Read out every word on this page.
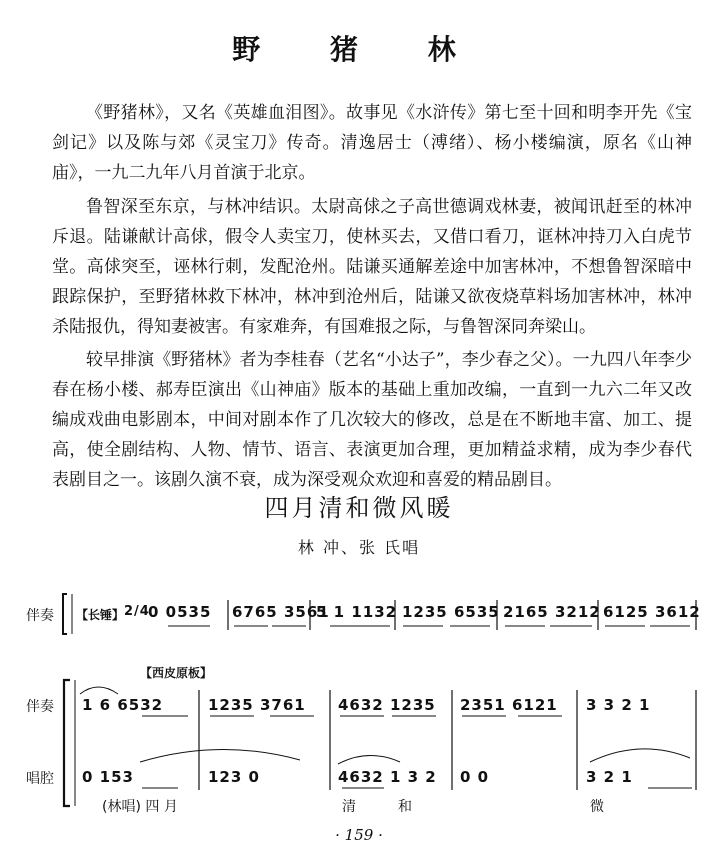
野 猪 林
《野猪林》，又名《英雄血泪图》。故事见《水浒传》第七至十回和明李开先《宝剑记》以及陈与郊《灵宝刀》传奇。清逸居士（溥绪）、杨小楼编演，原名《山神庙》，一九二九年八月首演于北京。
鲁智深至东京，与林冲结识。太尉高俅之子高世德调戏林妻，被闻讯赶至的林冲斥退。陆谦献计高俅，假令人卖宝刀，使林买去，又借口看刀，诓林冲持刀入白虎节堂。高俅突至，诬林行刺，发配沧州。陆谦买通解差途中加害林冲，不想鲁智深暗中跟踪保护，至野猪林救下林冲，林冲到沧州后，陆谦又欲夜烧草料场加害林冲，林冲杀陆报仇，得知妻被害。有家难奔，有国难报之际，与鲁智深同奔梁山。
较早排演《野猪林》者为李桂春（艺名“小达子”，李少春之父）。一九四八年李少春在杨小楼、郝寿臣演出《山神庙》版本的基础上重加改编，一直到一九六二年又改编成戏曲电影剧本，中间对剧本作了几次较大的修改，总是在不断地丰富、加工、提高，使全剧结构、人物、情节、语言、表演更加合理，更加精益求精，成为李少春代表剧目之一。该剧久演不衰，成为深受观众欢迎和喜爱的精品剧目。
四月清和微风暖
林 冲、张 氏唱
伴奏 【长锤】 2/4
0 0535 6765 3561
5 1 1132 1235 6535 2165 3212 6125 3612
【西皮原板】
伴奏 1 6 6532	1235 3761 4632 1235 2351 6121 3 3 2 1
唱腔 0 153	123 0	4632 1 3 2 0 0	3 2 1
(林唱) 四 月	清	和	微
· 159 ·
